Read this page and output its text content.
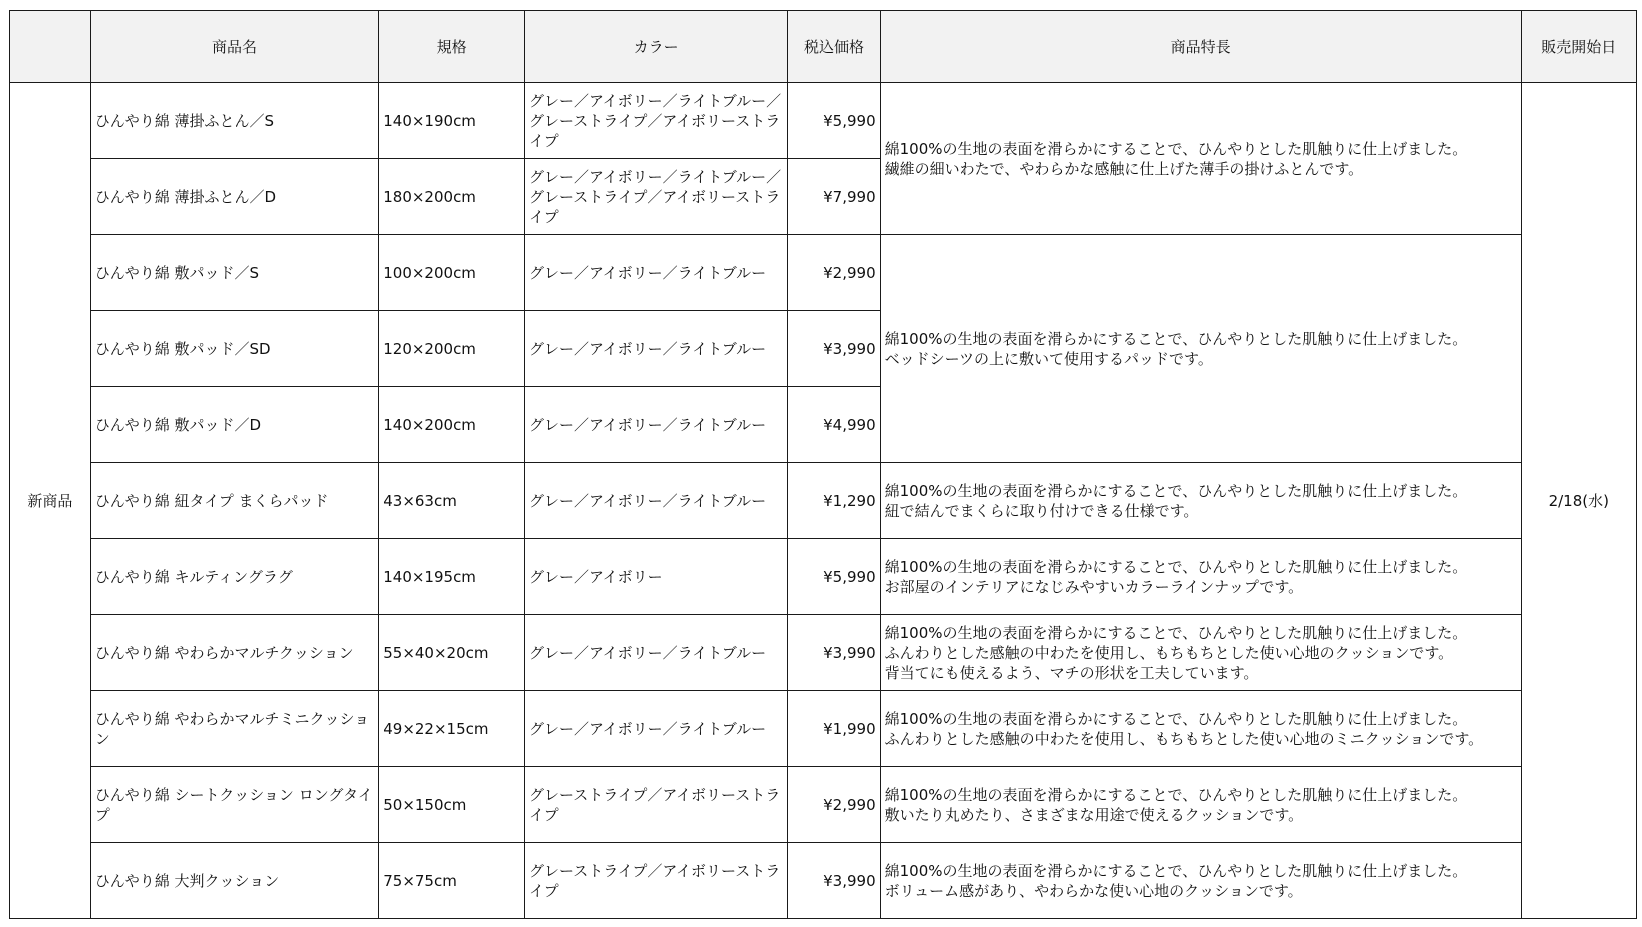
	商品名	規格	カラー	税込価格	商品特長	販売開始日
新商品	ひんやり綿 薄掛ふとん／S	140×190cm	グレー／アイボリー／ライトブルー／グレーストライプ／アイボリーストライプ	¥5,990	綿100%の生地の表面を滑らかにすることで、ひんやりとした肌触りに仕上げました。
繊維の細いわたで、やわらかな感触に仕上げた薄手の掛けふとんです。	2/18(水)
	ひんやり綿 薄掛ふとん／D	180×200cm	グレー／アイボリー／ライトブルー／グレーストライプ／アイボリーストライプ	¥7,990		
	ひんやり綿 敷パッド／S	100×200cm	グレー／アイボリー／ライトブルー	¥2,990	綿100%の生地の表面を滑らかにすることで、ひんやりとした肌触りに仕上げました。
ベッドシーツの上に敷いて使用するパッドです。	

	ひんやり綿 敷パッド／SD	120×200cm	グレー／アイボリー／ライトブルー	¥3,990		
	ひんやり綿 敷パッド／D	140×200cm	グレー／アイボリー／ライトブルー	¥4,990		
	ひんやり綿 紐タイプ まくらパッド	43×63cm	グレー／アイボリー／ライトブルー	¥1,290	綿100%の生地の表面を滑らかにすることで、ひんやりとした肌触りに仕上げました。
紐で結んでまくらに取り付けできる仕様です。	

	ひんやり綿 キルティングラグ	140×195cm	グレー／アイボリー	¥5,990	綿100%の生地の表面を滑らかにすることで、ひんやりとした肌触りに仕上げました。
お部屋のインテリアになじみやすいカラーラインナップです。	

	ひんやり綿 やわらかマルチクッション	55×40×20cm	グレー／アイボリー／ライトブルー	¥3,990	綿100%の生地の表面を滑らかにすることで、ひんやりとした肌触りに仕上げました。
ふんわりとした感触の中わたを使用し、もちもちとした使い心地のクッションです。
背当てにも使えるよう、マチの形状を工夫しています。	

	ひんやり綿 やわらかマルチミニクッション	49×22×15cm	グレー／アイボリー／ライトブルー	¥1,990	綿100%の生地の表面を滑らかにすることで、ひんやりとした肌触りに仕上げました。
ふんわりとした感触の中わたを使用し、もちもちとした使い心地のミニクッションです。	

	ひんやり綿 シートクッション ロングタイプ	50×150cm	グレーストライプ／アイボリーストライプ	¥2,990	綿100%の生地の表面を滑らかにすることで、ひんやりとした肌触りに仕上げました。
敷いたり丸めたり、さまざまな用途で使えるクッションです。	

	ひんやり綿 大判クッション	75×75cm	グレーストライプ／アイボリーストライプ	¥3,990	綿100%の生地の表面を滑らかにすることで、ひんやりとした肌触りに仕上げました。
ボリューム感があり、やわらかな使い心地のクッションです。	
